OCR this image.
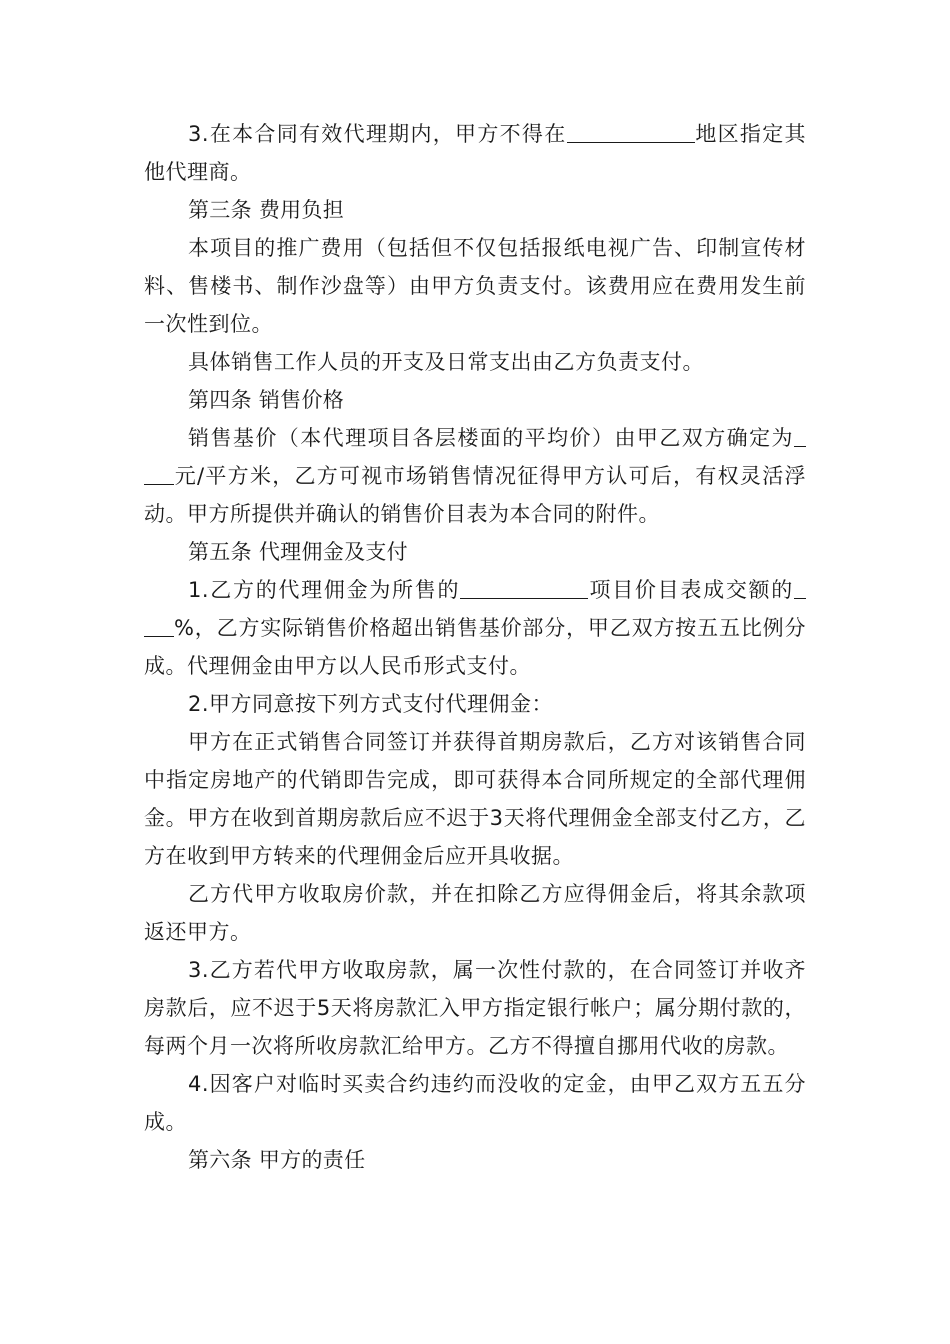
3.在本合同有效代理期内，甲方不得在	地区指定其他代理商。

第三条 费用负担

本项目的推广费用（包括但不仅包括报纸电视广告、印制宣传材料、售楼书、制作沙盘等）由甲方负责支付。该费用应在费用发生前一次性到位。

具体销售工作人员的开支及日常支出由乙方负责支付。

第四条 销售价格

销售基价（本代理项目各层楼面的平均价）由甲乙双方确定为元/平方米，乙方可视市场销售情况征得甲方认可后，有权灵活浮动。甲方所提供并确认的销售价目表为本合同的附件。

第五条 代理佣金及支付

1.乙方的代理佣金为所售的	项目价目表成交额的%，乙方实际销售价格超出销售基价部分，甲乙双方按五五比例分成。代理佣金由甲方以人民币形式支付。

2.甲方同意按下列方式支付代理佣金：

甲方在正式销售合同签订并获得首期房款后，乙方对该销售合同中指定房地产的代销即告完成，即可获得本合同所规定的全部代理佣金。甲方在收到首期房款后应不迟于3天将代理佣金全部支付乙方，乙方在收到甲方转来的代理佣金后应开具收据。

乙方代甲方收取房价款，并在扣除乙方应得佣金后，将其余款项返还甲方。

3.乙方若代甲方收取房款，属一次性付款的，在合同签订并收齐房款后，应不迟于5天将房款汇入甲方指定银行帐户；属分期付款的，每两个月一次将所收房款汇给甲方。乙方不得擅自挪用代收的房款。

4.因客户对临时买卖合约违约而没收的定金，由甲乙双方五五分成。

第六条 甲方的责任
